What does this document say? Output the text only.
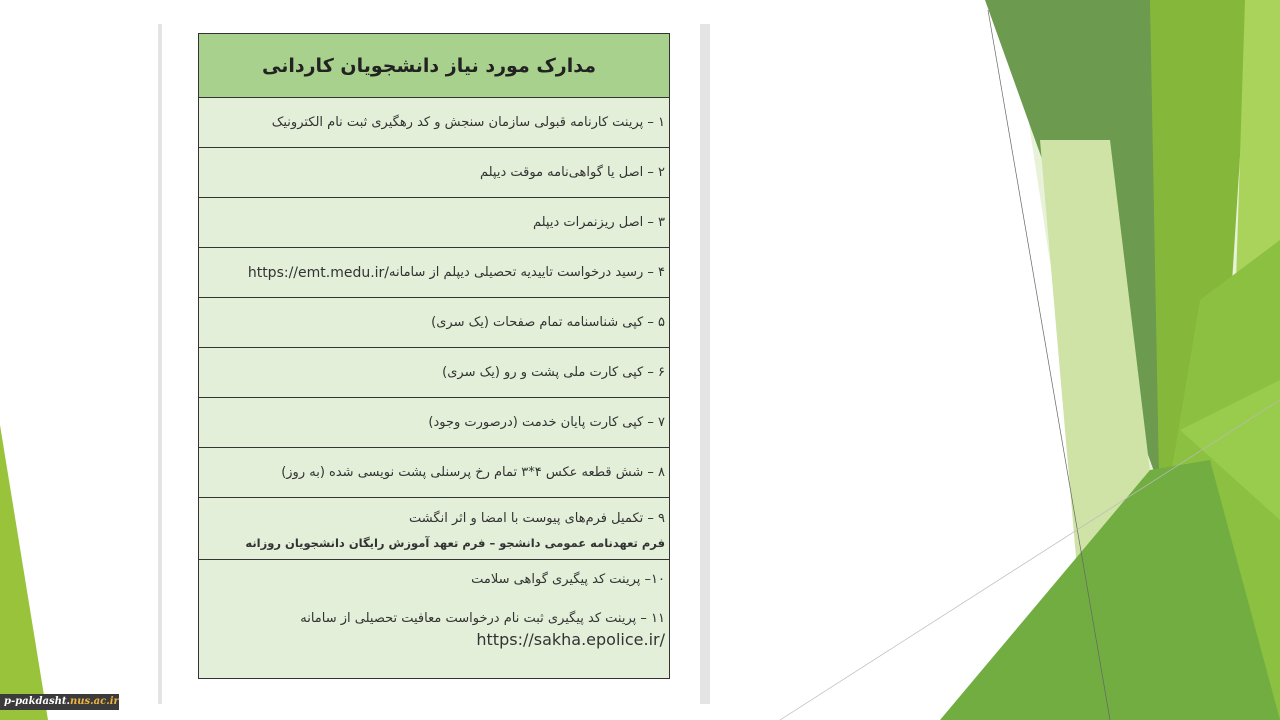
مدارک مورد نیاز دانشجویان کاردانی
۱ – پرینت کارنامه قبولی سازمان سنجش و کد رهگیری ثبت نام الکترونیک
۲ – اصل یا گواهی‌نامه موقت دیپلم
۳ – اصل ریزنمرات دیپلم
۴ – رسید درخواست تاییدیه تحصیلی دیپلم از سامانه
https://emt.medu.ir/
۵ – کپی شناسنامه تمام صفحات (یک سری)
۶ – کپی کارت ملی پشت و رو (یک سری)
۷ – کپی کارت پایان خدمت (درصورت وجود)
۸ – شش قطعه عکس ۴*۳ تمام رخ پرسنلی پشت نویسی شده (به روز)
۹ – تکمیل فرم‌های پیوست با امضا و اثر انگشت
فرم تعهدنامه عمومی دانشجو – فرم تعهد آموزش رایگان دانشجویان روزانه
۱۰– پرینت کد پیگیری گواهی سلامت
۱۱ – پرینت کد پیگیری ثبت نام درخواست معافیت تحصیلی از سامانه
https://sakha.epolice.ir/
p-pakdasht.nus.ac.ir
